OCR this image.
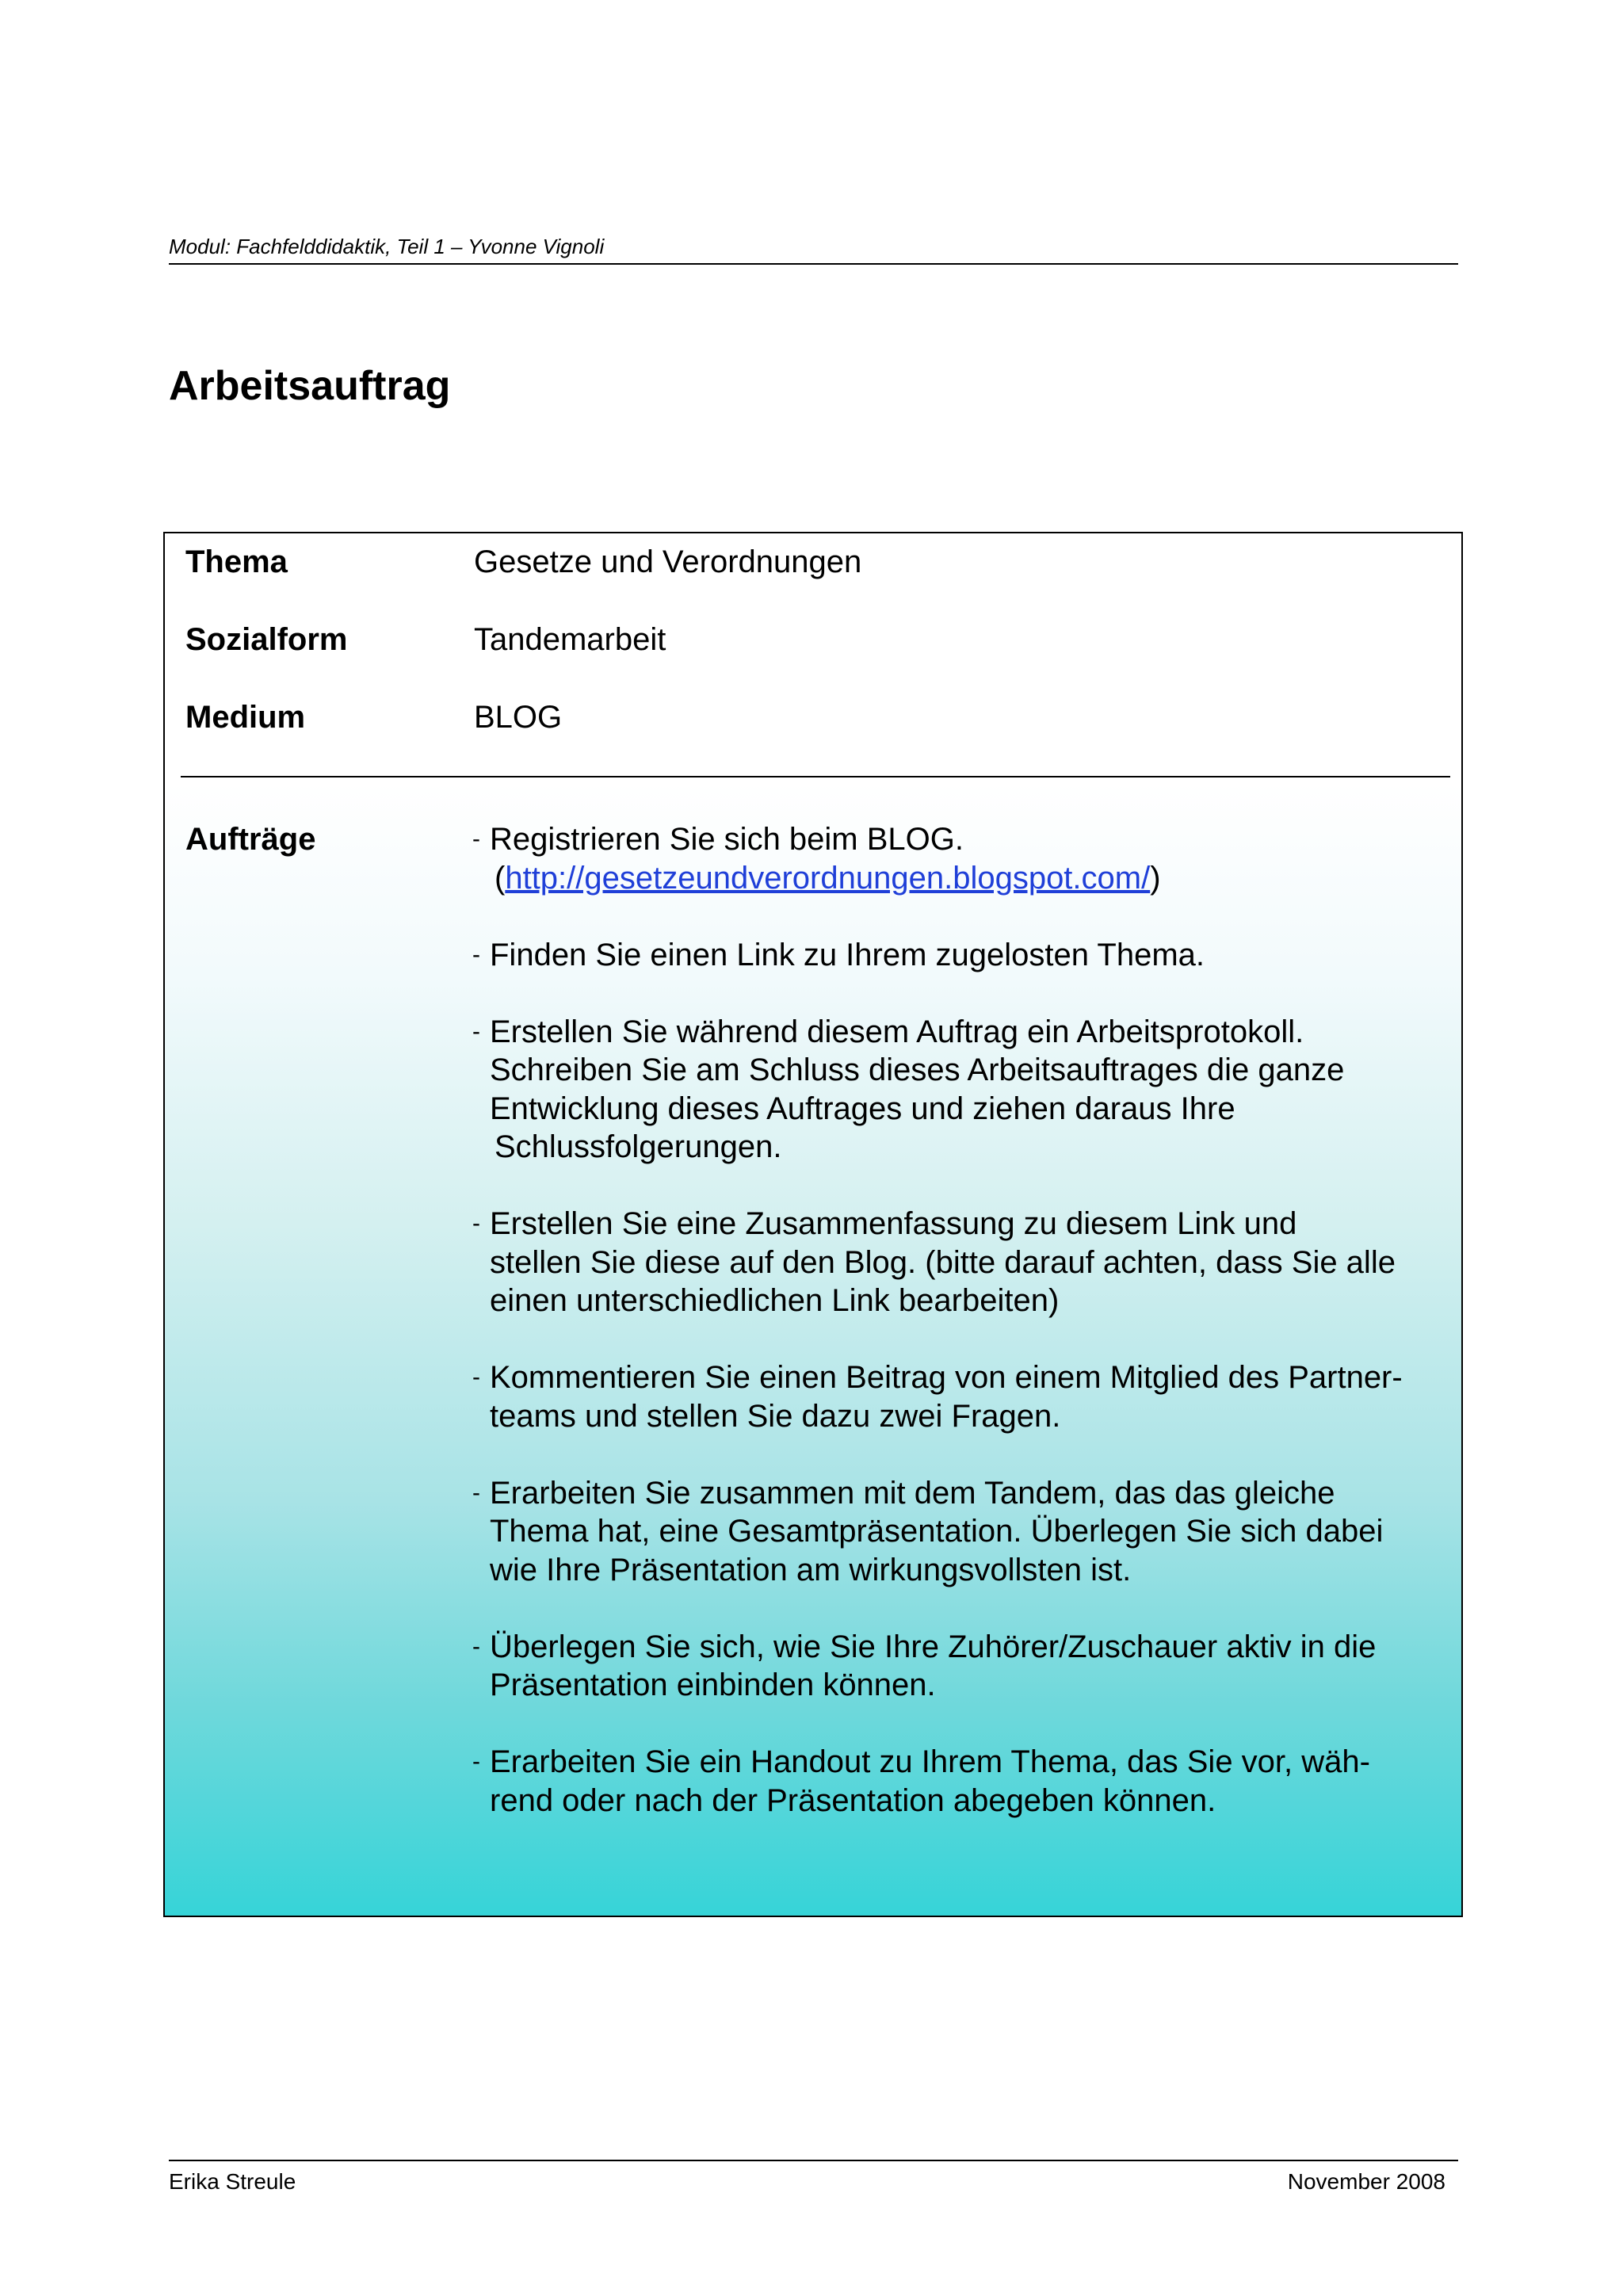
Modul: Fachfelddidaktik, Teil 1 – Yvonne Vignoli
Arbeitsauftrag
Thema	Gesetze und Verordnungen
Sozialform	Tandemarbeit
Medium	BLOG
Aufträge	- Registrieren Sie sich beim BLOG.
(http://gesetzeundverordnungen.blogspot.com/)
- Finden Sie einen Link zu Ihrem zugelosten Thema.
- Erstellen Sie während diesem Auftrag ein Arbeitsprotokoll.
Schreiben Sie am Schluss dieses Arbeitsauftrages die ganze
Entwicklung dieses Auftrages und ziehen daraus Ihre
Schlussfolgerungen.
- Erstellen Sie eine Zusammenfassung zu diesem Link und
stellen Sie diese auf den Blog. (bitte darauf achten, dass Sie alle
einen unterschiedlichen Link bearbeiten)
- Kommentieren Sie einen Beitrag von einem Mitglied des Partner-
teams und stellen Sie dazu zwei Fragen.
- Erarbeiten Sie zusammen mit dem Tandem, das das gleiche
Thema hat, eine Gesamtpräsentation. Überlegen Sie sich dabei
wie Ihre Präsentation am wirkungsvollsten ist.
- Überlegen Sie sich, wie Sie Ihre Zuhörer/Zuschauer aktiv in die
Präsentation einbinden können.
- Erarbeiten Sie ein Handout zu Ihrem Thema, das Sie vor, wäh-
rend oder nach der Präsentation abegeben können.
Erika Streule	November 2008
